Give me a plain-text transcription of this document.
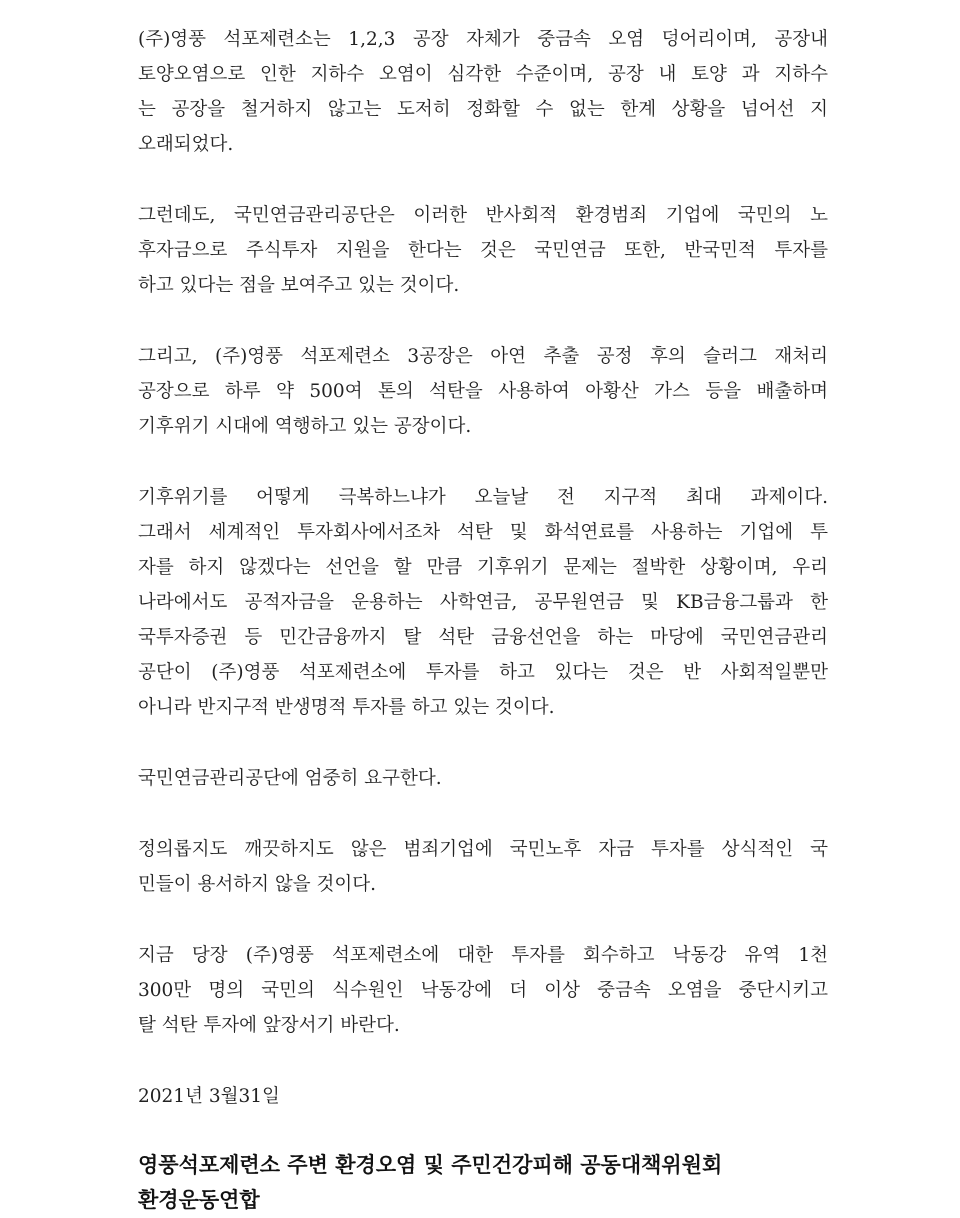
(주)영풍 석포제련소는 1,2,3 공장 자체가 중금속 오염 덩어리이며, 공장내
토양오염으로 인한 지하수 오염이 심각한 수준이며, 공장 내 토양 과 지하수
는 공장을 철거하지 않고는 도저히 정화할 수 없는 한계 상황을 넘어선 지
오래되었다.
그런데도, 국민연금관리공단은 이러한 반사회적 환경범죄 기업에 국민의 노
후자금으로 주식투자 지원을 한다는 것은 국민연금 또한, 반국민적 투자를
하고 있다는 점을 보여주고 있는 것이다.
그리고, (주)영풍 석포제련소 3공장은 아연 추출 공정 후의 슬러그 재처리
공장으로 하루 약 500여 톤의 석탄을 사용하여 아황산 가스 등을 배출하며
기후위기 시대에 역행하고 있는 공장이다.
기후위기를 어떻게 극복하느냐가 오늘날 전 지구적 최대 과제이다.
그래서 세계적인 투자회사에서조차 석탄 및 화석연료를 사용하는 기업에 투
자를 하지 않겠다는 선언을 할 만큼 기후위기 문제는 절박한 상황이며, 우리
나라에서도 공적자금을 운용하는 사학연금, 공무원연금 및 KB금융그룹과 한
국투자증권 등 민간금융까지 탈 석탄 금융선언을 하는 마당에 국민연금관리
공단이 (주)영풍 석포제련소에 투자를 하고 있다는 것은 반 사회적일뿐만
아니라 반지구적 반생명적 투자를 하고 있는 것이다.
국민연금관리공단에 엄중히 요구한다.
정의롭지도 깨끗하지도 않은 범죄기업에 국민노후 자금 투자를 상식적인 국
민들이 용서하지 않을 것이다.
지금 당장 (주)영풍 석포제련소에 대한 투자를 회수하고 낙동강 유역 1천
300만 명의 국민의 식수원인 낙동강에 더 이상 중금속 오염을 중단시키고
탈 석탄 투자에 앞장서기 바란다.
2021년 3월31일
영풍석포제련소 주변 환경오염 및 주민건강피해 공동대책위원회
환경운동연합
